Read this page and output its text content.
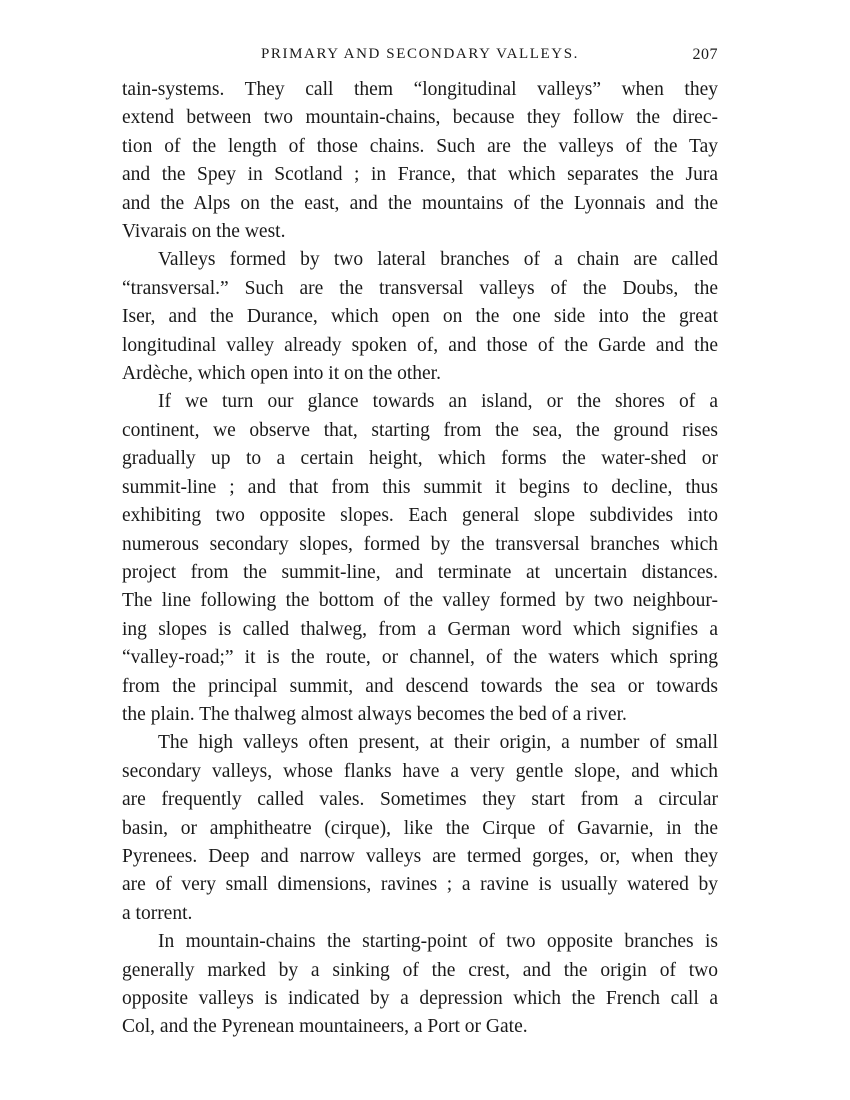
PRIMARY AND SECONDARY VALLEYS.	207
tain-systems. They call them “longitudinal valleys” when they
extend between two mountain-chains, because they follow the direc-
tion of the length of those chains. Such are the valleys of the Tay
and the Spey in Scotland ; in France, that which separates the Jura
and the Alps on the east, and the mountains of the Lyonnais and the
Vivarais on the west.
Valleys formed by two lateral branches of a chain are called
“transversal.” Such are the transversal valleys of the Doubs, the
Iser, and the Durance, which open on the one side into the great
longitudinal valley already spoken of, and those of the Garde and the
Ardèche, which open into it on the other.
If we turn our glance towards an island, or the shores of a
continent, we observe that, starting from the sea, the ground rises
gradually up to a certain height, which forms the water-shed or
summit-line ; and that from this summit it begins to decline, thus
exhibiting two opposite slopes. Each general slope subdivides into
numerous secondary slopes, formed by the transversal branches which
project from the summit-line, and terminate at uncertain distances.
The line following the bottom of the valley formed by two neighbour-
ing slopes is called thalweg, from a German word which signifies a
“valley-road;” it is the route, or channel, of the waters which spring
from the principal summit, and descend towards the sea or towards
the plain. The thalweg almost always becomes the bed of a river.
The high valleys often present, at their origin, a number of small
secondary valleys, whose flanks have a very gentle slope, and which
are frequently called vales. Sometimes they start from a circular
basin, or amphitheatre (cirque), like the Cirque of Gavarnie, in the
Pyrenees. Deep and narrow valleys are termed gorges, or, when they
are of very small dimensions, ravines ; a ravine is usually watered by
a torrent.
In mountain-chains the starting-point of two opposite branches is
generally marked by a sinking of the crest, and the origin of two
opposite valleys is indicated by a depression which the French call a
Col, and the Pyrenean mountaineers, a Port or Gate.
